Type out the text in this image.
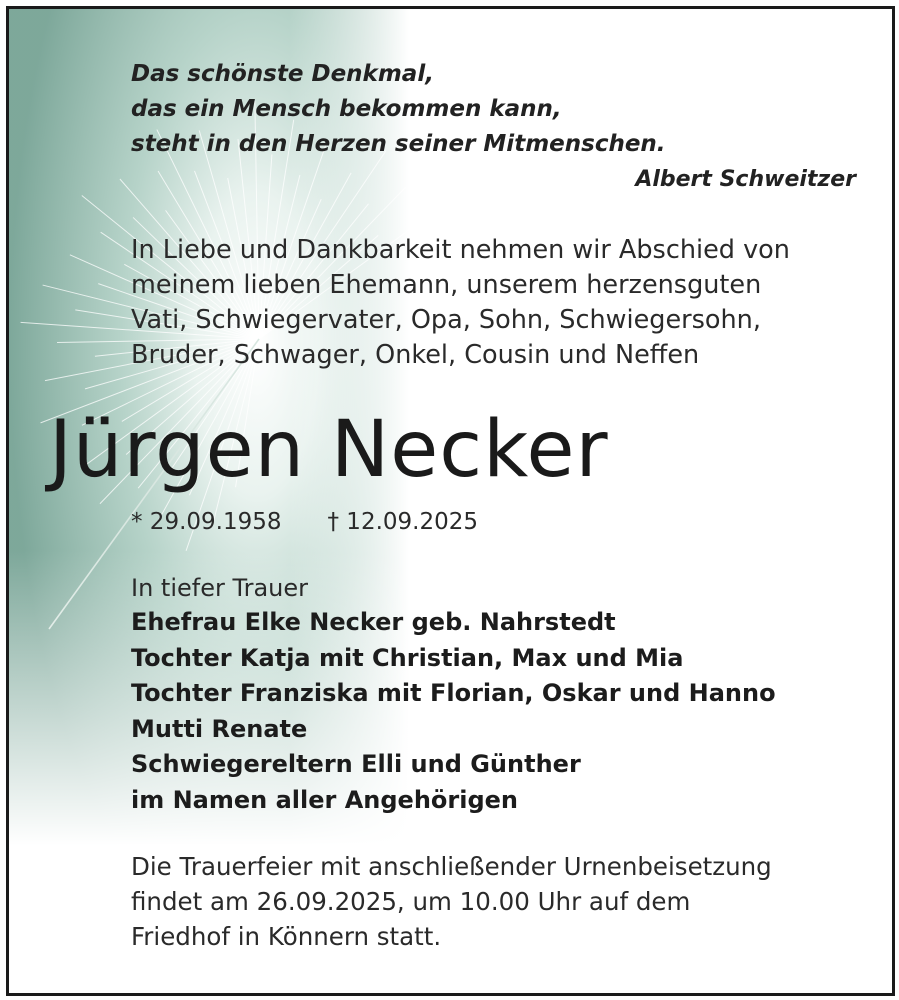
Das schönste Denkmal,
das ein Mensch bekommen kann,
steht in den Herzen seiner Mitmenschen.
Albert Schweitzer
In Liebe und Dankbarkeit nehmen wir Abschied von
meinem lieben Ehemann, unserem herzensguten
Vati, Schwiegervater, Opa, Sohn, Schwiegersohn,
Bruder, Schwager, Onkel, Cousin und Neffen
Jürgen Necker
* 29.09.1958 † 12.09.2025
In tiefer Trauer
Ehefrau Elke Necker geb. Nahrstedt
Tochter Katja mit Christian, Max und Mia
Tochter Franziska mit Florian, Oskar und Hanno
Mutti Renate
Schwiegereltern Elli und Günther
im Namen aller Angehörigen
Die Trauerfeier mit anschließender Urnenbeisetzung
findet am 26.09.2025, um 10.00 Uhr auf dem
Friedhof in Könnern statt.
